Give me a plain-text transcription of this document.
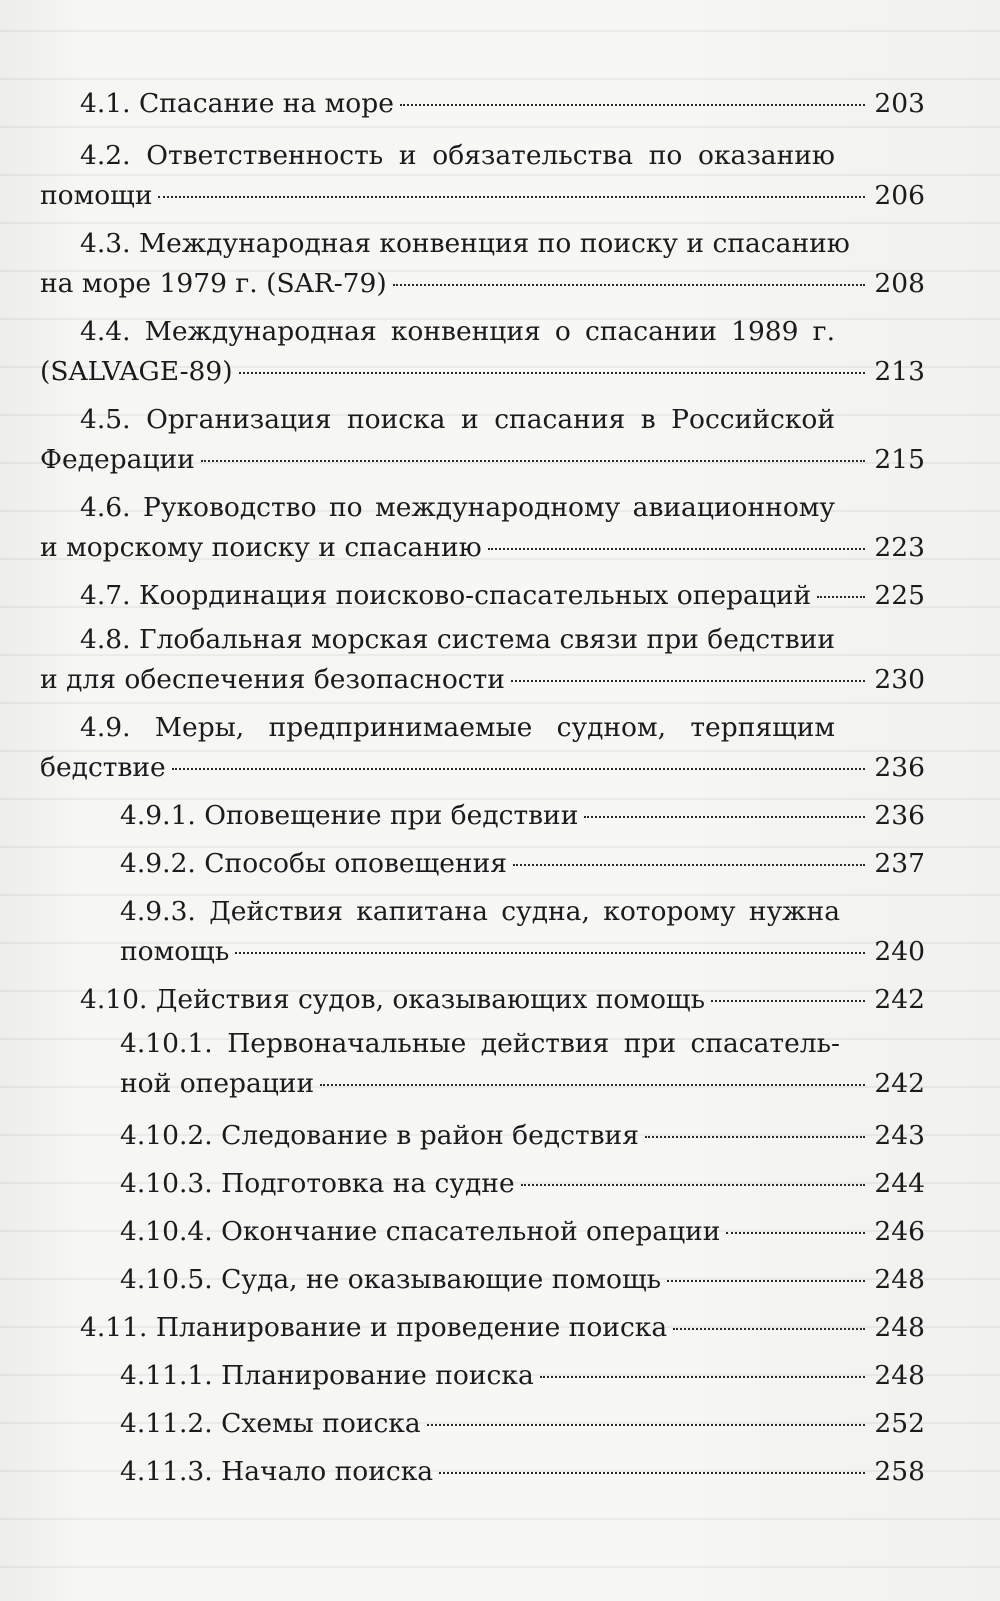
4.1. Спасание на море	203
4.2. Ответственность и обязательства по оказанию
помощи	206
4.3. Международная конвенция по поиску и спасанию
на море 1979 г. (SAR-79)	208
4.4. Международная конвенция о спасании 1989 г.
(SALVAGE-89)	213
4.5. Организация поиска и спасания в Российской
Федерации	215
4.6. Руководство по международному авиационному
и морскому поиску и спасанию	223
4.7. Координация поисково-спасательных операций 225
4.8. Глобальная морская система связи при бедствии
и для обеспечения безопасности	230
4.9. Меры, предпринимаемые судном, терпящим
бедствие	236
4.9.1. Оповещение при бедствии	236
4.9.2. Способы оповещения	237
4.9.3. Действия капитана судна, которому нужна
помощь	240
4.10. Действия судов, оказывающих помощь	242
4.10.1. Первоначальные действия при спасатель-
ной операции	242
4.10.2. Следование в район бедствия	243
4.10.3. Подготовка на судне	244
4.10.4. Окончание спасательной операции	246
4.10.5. Суда, не оказывающие помощь	248
4.11. Планирование и проведение поиска	248
4.11.1. Планирование поиска	248
4.11.2. Схемы поиска	252
4.11.3. Начало поиска	258
